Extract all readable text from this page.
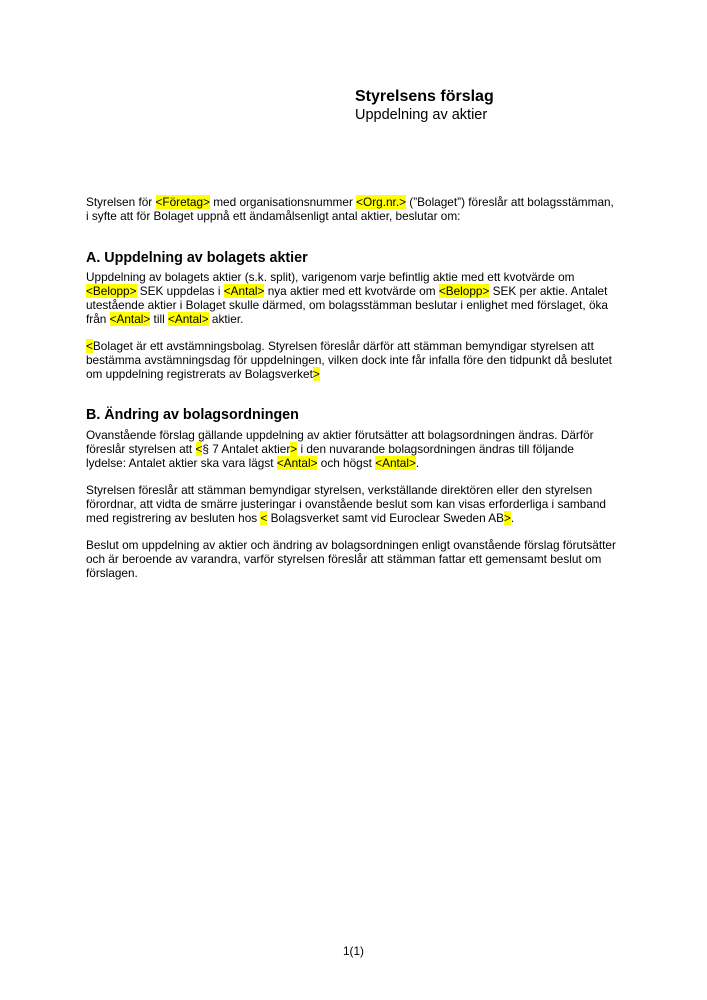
Styrelsens förslag

Uppdelning av aktier

Styrelsen för <Företag> med organisationsnummer <Org.nr.> (”Bolaget”) föreslår att bolagsstämman,
i syfte att för Bolaget uppnå ett ändamålsenligt antal aktier, beslutar om:

A. Uppdelning av bolagets aktier

Uppdelning av bolagets aktier (s.k. split), varigenom varje befintlig aktie med ett kvotvärde om
<Belopp> SEK uppdelas i <Antal> nya aktier med ett kvotvärde om <Belopp> SEK per aktie. Antalet
utestående aktier i Bolaget skulle därmed, om bolagsstämman beslutar i enlighet med förslaget, öka
från <Antal> till <Antal> aktier.

<Bolaget är ett avstämningsbolag. Styrelsen föreslår därför att stämman bemyndigar styrelsen att
bestämma avstämningsdag för uppdelningen, vilken dock inte får infalla före den tidpunkt då beslutet
om uppdelning registrerats av Bolagsverket>

B. Ändring av bolagsordningen

Ovanstående förslag gällande uppdelning av aktier förutsätter att bolagsordningen ändras. Därför
föreslår styrelsen att <§ 7 Antalet aktier> i den nuvarande bolagsordningen ändras till följande
lydelse: Antalet aktier ska vara lägst <Antal> och högst <Antal>.

Styrelsen föreslår att stämman bemyndigar styrelsen, verkställande direktören eller den styrelsen
förordnar, att vidta de smärre justeringar i ovanstående beslut som kan visas erforderliga i samband
med registrering av besluten hos < Bolagsverket samt vid Euroclear Sweden AB>.

Beslut om uppdelning av aktier och ändring av bolagsordningen enligt ovanstående förslag förutsätter
och är beroende av varandra, varför styrelsen föreslår att stämman fattar ett gemensamt beslut om
förslagen.

1(1)
